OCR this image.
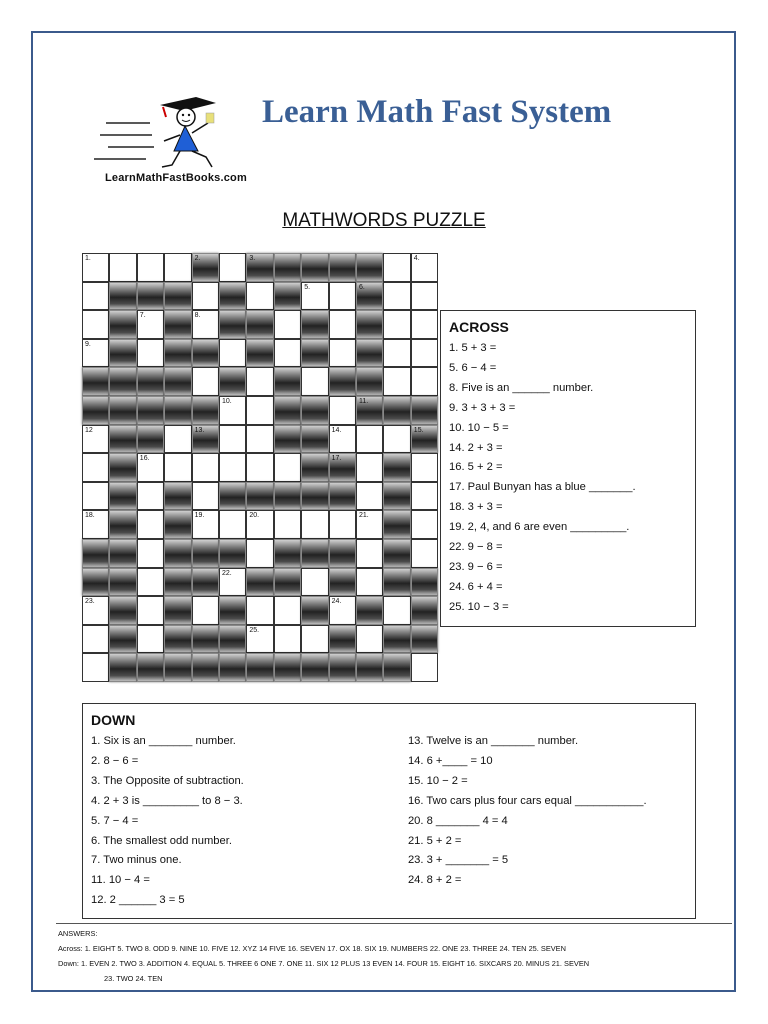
LearnMathFastBooks.com
Learn Math Fast System
MATHWORDS PUZZLE
1.	2.	3.	4.
5.	6.
7.	8.
9.
10.	11.
12	13.	14.	15.
16.	17.
18.	19.	20.	21.
22.
23.	24.
25.
ACROSS
1. 5 + 3 =
5. 6 − 4 =
8. Five is an ______ number.
9. 3 + 3 + 3 =
10. 10 − 5 =
14. 2 + 3 =
16. 5 + 2 =
17. Paul Bunyan has a blue _______.
18. 3 + 3 =
19. 2, 4, and 6 are even _________.
22. 9 − 8 =
23. 9 − 6 =
24. 6 + 4 =
25. 10 − 3 =
DOWN
1. Six is an _______ number.
2. 8 − 6 =
3. The Opposite of subtraction.
4. 2 + 3 is _________ to 8 − 3.
5. 7 − 4 =
6. The smallest odd number.
7. Two minus one.
11. 10 − 4 =
12. 2 ______ 3 = 5
13. Twelve is an _______ number.
14. 6 +____ = 10
15. 10 − 2 =
16. Two cars plus four cars equal ___________.
20. 8 _______ 4 = 4
21. 5 + 2 =
23. 3 + _______ = 5
24. 8 + 2 =
ANSWERS:
Across: 1. EIGHT 5. TWO 8. ODD 9. NINE 10. FIVE 12. XYZ 14 FIVE 16. SEVEN 17. OX 18. SIX 19. NUMBERS 22. ONE 23. THREE 24. TEN 25. SEVEN
Down: 1. EVEN 2. TWO 3. ADDITION 4. EQUAL 5. THREE 6 ONE 7. ONE 11. SIX 12 PLUS 13 EVEN 14. FOUR 15. EIGHT 16. SIXCARS 20. MINUS 21. SEVEN
23. TWO 24. TEN
